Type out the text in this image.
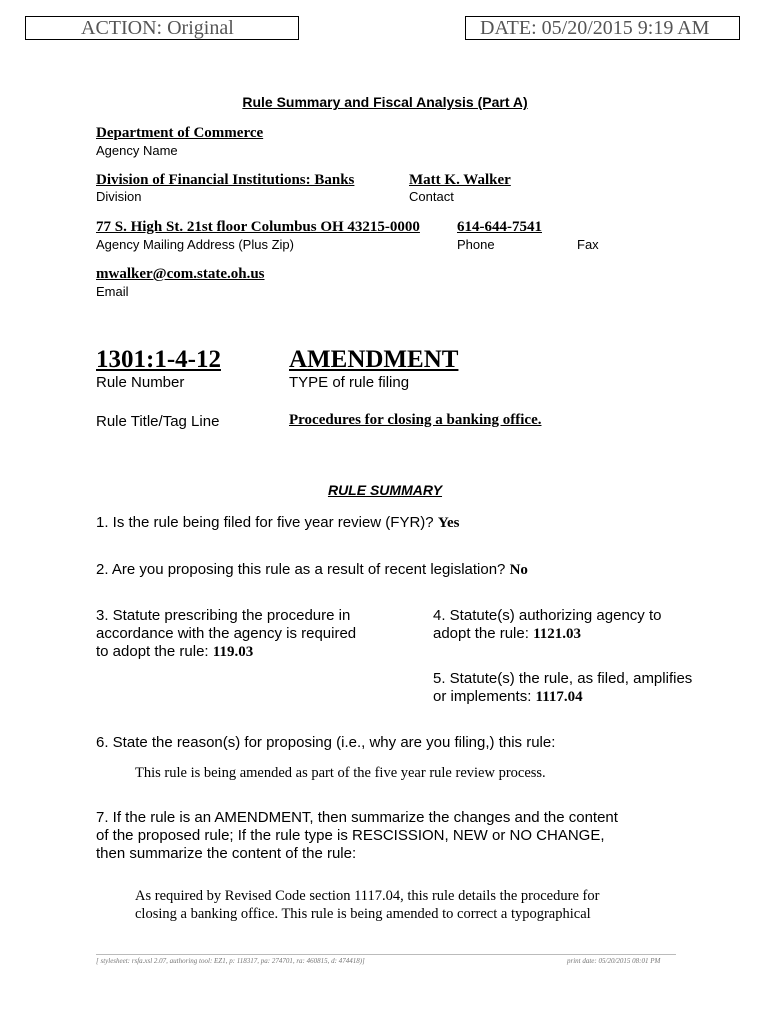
ACTION: Original	DATE: 05/20/2015 9:19 AM
Rule Summary and Fiscal Analysis (Part A)
Department of Commerce
Agency Name
Division of Financial Institutions: Banks
Division
Matt K. Walker
Contact
77 S. High St. 21st floor Columbus OH 43215-0000
Agency Mailing Address (Plus Zip)
614-644-7541
Phone	Fax
mwalker@com.state.oh.us
Email
1301:1-4-12
Rule Number
AMENDMENT
TYPE of rule filing
Rule Title/Tag Line	Procedures for closing a banking office.
RULE SUMMARY
1. Is the rule being filed for five year review (FYR)? Yes
2. Are you proposing this rule as a result of recent legislation? No
3. Statute prescribing the procedure in
accordance with the agency is required
to adopt the rule: 119.03
4. Statute(s) authorizing agency to
adopt the rule: 1121.03
5. Statute(s) the rule, as filed, amplifies
or implements: 1117.04
6. State the reason(s) for proposing (i.e., why are you filing,) this rule:
This rule is being amended as part of the five year rule review process.
7. If the rule is an AMENDMENT, then summarize the changes and the content
of the proposed rule; If the rule type is RESCISSION, NEW or NO CHANGE,
then summarize the content of the rule:
As required by Revised Code section 1117.04, this rule details the procedure for
closing a banking office. This rule is being amended to correct a typographical
[ stylesheet: rsfa.xsl 2.07, authoring tool: EZ1, p: 118317, pa: 274701, ra: 460815, d: 474418)]	print date: 05/20/2015 08:01 PM
